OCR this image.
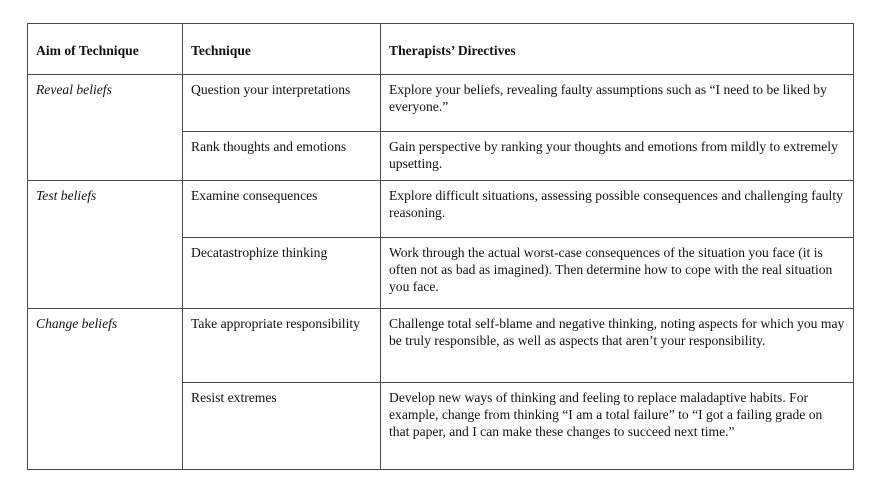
Aim of Technique	Technique	Therapists’ Directives
Reveal beliefs	Question your interpretations	Explore your beliefs, revealing faulty assumptions such as “I need to be liked by everyone.”
	Rank thoughts and emotions	Gain perspective by ranking your thoughts and emotions from mildly to extremely upsetting.
Test beliefs	Examine consequences	Explore difficult situations, assessing possible consequences and challenging faulty reasoning.
	Decatastrophize thinking	Work through the actual worst-case consequences of the situation you face (it is often not as bad as imagined). Then determine how to cope with the real situation you face.
Change beliefs	Take appropriate responsibility	Challenge total self-blame and negative thinking, noting aspects for which you may be truly responsible, as well as aspects that aren’t your responsibility.
	Resist extremes	Develop new ways of thinking and feeling to replace maladaptive habits. For example, change from thinking “I am a total failure” to “I got a failing grade on that paper, and I can make these changes to succeed next time.”
